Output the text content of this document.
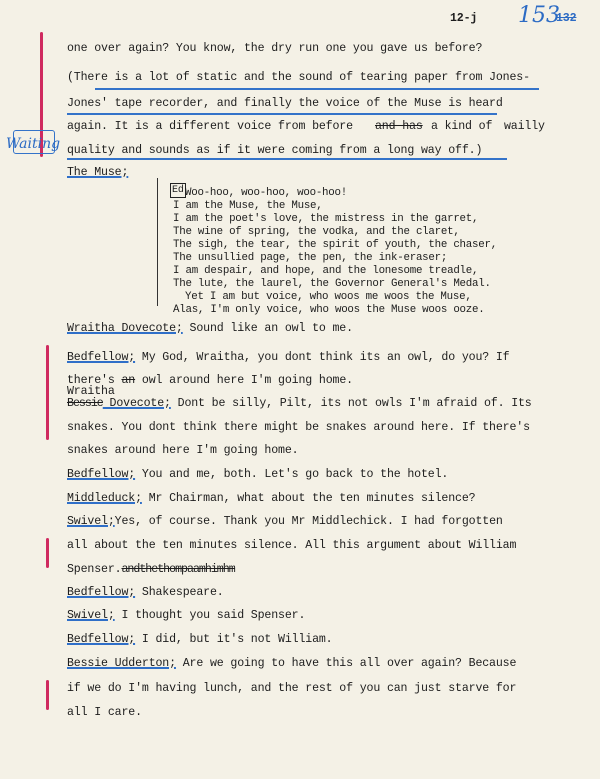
12-j 153
132
Waiting
one over again? You know, the dry run one you gave us before?
(There is a lot of static and the sound of tearing paper from Jones-
Jones' tape recorder, and finally the voice of the Muse is heard
again. It is a different voice from before and has a kind of wailly
quality and sounds as if it were coming from a long way off.)
The Muse;
Ed Woo-hoo, woo-hoo, woo-hoo!
I am the Muse, the Muse,
I am the poet's love, the mistress in the garret,
The wine of spring, the vodka, and the claret,
The sigh, the tear, the spirit of youth, the chaser,
The unsullied page, the pen, the ink-eraser;
I am despair, and hope, and the lonesome treadle,
The lute, the laurel, the Governor General's Medal.
Yet I am but voice, who woos me woos the Muse,
Alas, I'm only voice, who woos the Muse woos ooze.
Wraitha Dovecote; Sound like an owl to me.
Bedfellow; My God, Wraitha, you dont think its an owl, do you? If
there's an owl around here I'm going home.
Wraitha
Bessie Dovecote; Dont be silly, Pilt, its not owls I'm afraid of. Its
snakes. You dont think there might be snakes around here. If there's
snakes around here I'm going home.
Bedfellow; You and me, both. Let's go back to the hotel.
Middleduck; Mr Chairman, what about the ten minutes silence?
Swivel;Yes, of course. Thank you Mr Middlechick. I had forgotten
all about the ten minutes silence. All this argument about William
Spenser.andthethompaamhimhm
Bedfellow; Shakespeare.
Swivel; I thought you said Spenser.
Bedfellow; I did, but it's not William.
Bessie Udderton; Are we going to have this all over again? Because
if we do I'm having lunch, and the rest of you can just starve for
all I care.
